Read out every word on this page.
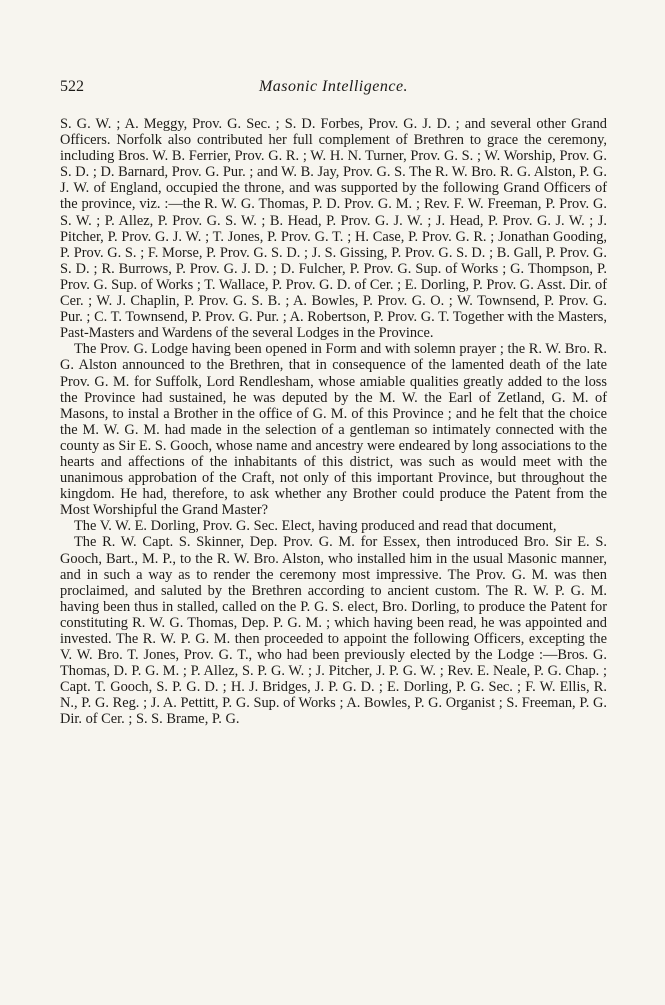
522	Masonic Intelligence.

S. G. W. ; A. Meggy, Prov. G. Sec. ; S. D. Forbes, Prov. G. J. D. ; and several other Grand Officers. Norfolk also contributed her full complement of Brethren to grace the ceremony, including Bros. W. B. Ferrier, Prov. G. R. ; W. H. N. Turner, Prov. G. S. ; W. Worship, Prov. G. S. D. ; D. Barnard, Prov. G. Pur. ; and W. B. Jay, Prov. G. S. The R. W. Bro. R. G. Alston, P. G. J. W. of England, occupied the throne, and was supported by the following Grand Officers of the province, viz. :—the R. W. G. Thomas, P. D. Prov. G. M. ; Rev. F. W. Freeman, P. Prov. G. S. W. ; P. Allez, P. Prov. G. S. W. ; B. Head, P. Prov. G. J. W. ; J. Head, P. Prov. G. J. W. ; J. Pitcher, P. Prov. G. J. W. ; T. Jones, P. Prov. G. T. ; H. Case, P. Prov. G. R. ; Jonathan Gooding, P. Prov. G. S. ; F. Morse, P. Prov. G. S. D. ; J. S. Gissing, P. Prov. G. S. D. ; B. Gall, P. Prov. G. S. D. ; R. Burrows, P. Prov. G. J. D. ; D. Fulcher, P. Prov. G. Sup. of Works ; G. Thompson, P. Prov. G. Sup. of Works ; T. Wallace, P. Prov. G. D. of Cer. ; E. Dorling, P. Prov. G. Asst. Dir. of Cer. ; W. J. Chaplin, P. Prov. G. S. B. ; A. Bowles, P. Prov. G. O. ; W. Townsend, P. Prov. G. Pur. ; C. T. Townsend, P. Prov. G. Pur. ; A. Robertson, P. Prov. G. T. Together with the Masters, Past-Masters and Wardens of the several Lodges in the Province.

The Prov. G. Lodge having been opened in Form and with solemn prayer ; the R. W. Bro. R. G. Alston announced to the Brethren, that in consequence of the lamented death of the late Prov. G. M. for Suffolk, Lord Rendlesham, whose amiable qualities greatly added to the loss the Province had sustained, he was deputed by the M. W. the Earl of Zetland, G. M. of Masons, to instal a Brother in the office of G. M. of this Province ; and he felt that the choice the M. W. G. M. had made in the selection of a gentleman so intimately connected with the county as Sir E. S. Gooch, whose name and ancestry were endeared by long associations to the hearts and affections of the inhabitants of this district, was such as would meet with the unanimous approbation of the Craft, not only of this important Province, but throughout the kingdom. He had, therefore, to ask whether any Brother could produce the Patent from the Most Worshipful the Grand Master?

The V. W. E. Dorling, Prov. G. Sec. Elect, having produced and read that document,

The R. W. Capt. S. Skinner, Dep. Prov. G. M. for Essex, then introduced Bro. Sir E. S. Gooch, Bart., M. P., to the R. W. Bro. Alston, who installed him in the usual Masonic manner, and in such a way as to render the ceremony most impressive. The Prov. G. M. was then proclaimed, and saluted by the Brethren according to ancient custom. The R. W. P. G. M. having been thus in stalled, called on the P. G. S. elect, Bro. Dorling, to produce the Patent for constituting R. W. G. Thomas, Dep. P. G. M. ; which having been read, he was appointed and invested. The R. W. P. G. M. then proceeded to appoint the following Officers, excepting the V. W. Bro. T. Jones, Prov. G. T., who had been previously elected by the Lodge :—Bros. G. Thomas, D. P. G. M. ; P. Allez, S. P. G. W. ; J. Pitcher, J. P. G. W. ; Rev. E. Neale, P. G. Chap. ; Capt. T. Gooch, S. P. G. D. ; H. J. Bridges, J. P. G. D. ; E. Dorling, P. G. Sec. ; F. W. Ellis, R. N., P. G. Reg. ; J. A. Pettitt, P. G. Sup. of Works ; A. Bowles, P. G. Organist ; S. Freeman, P. G. Dir. of Cer. ; S. S. Brame, P. G.
